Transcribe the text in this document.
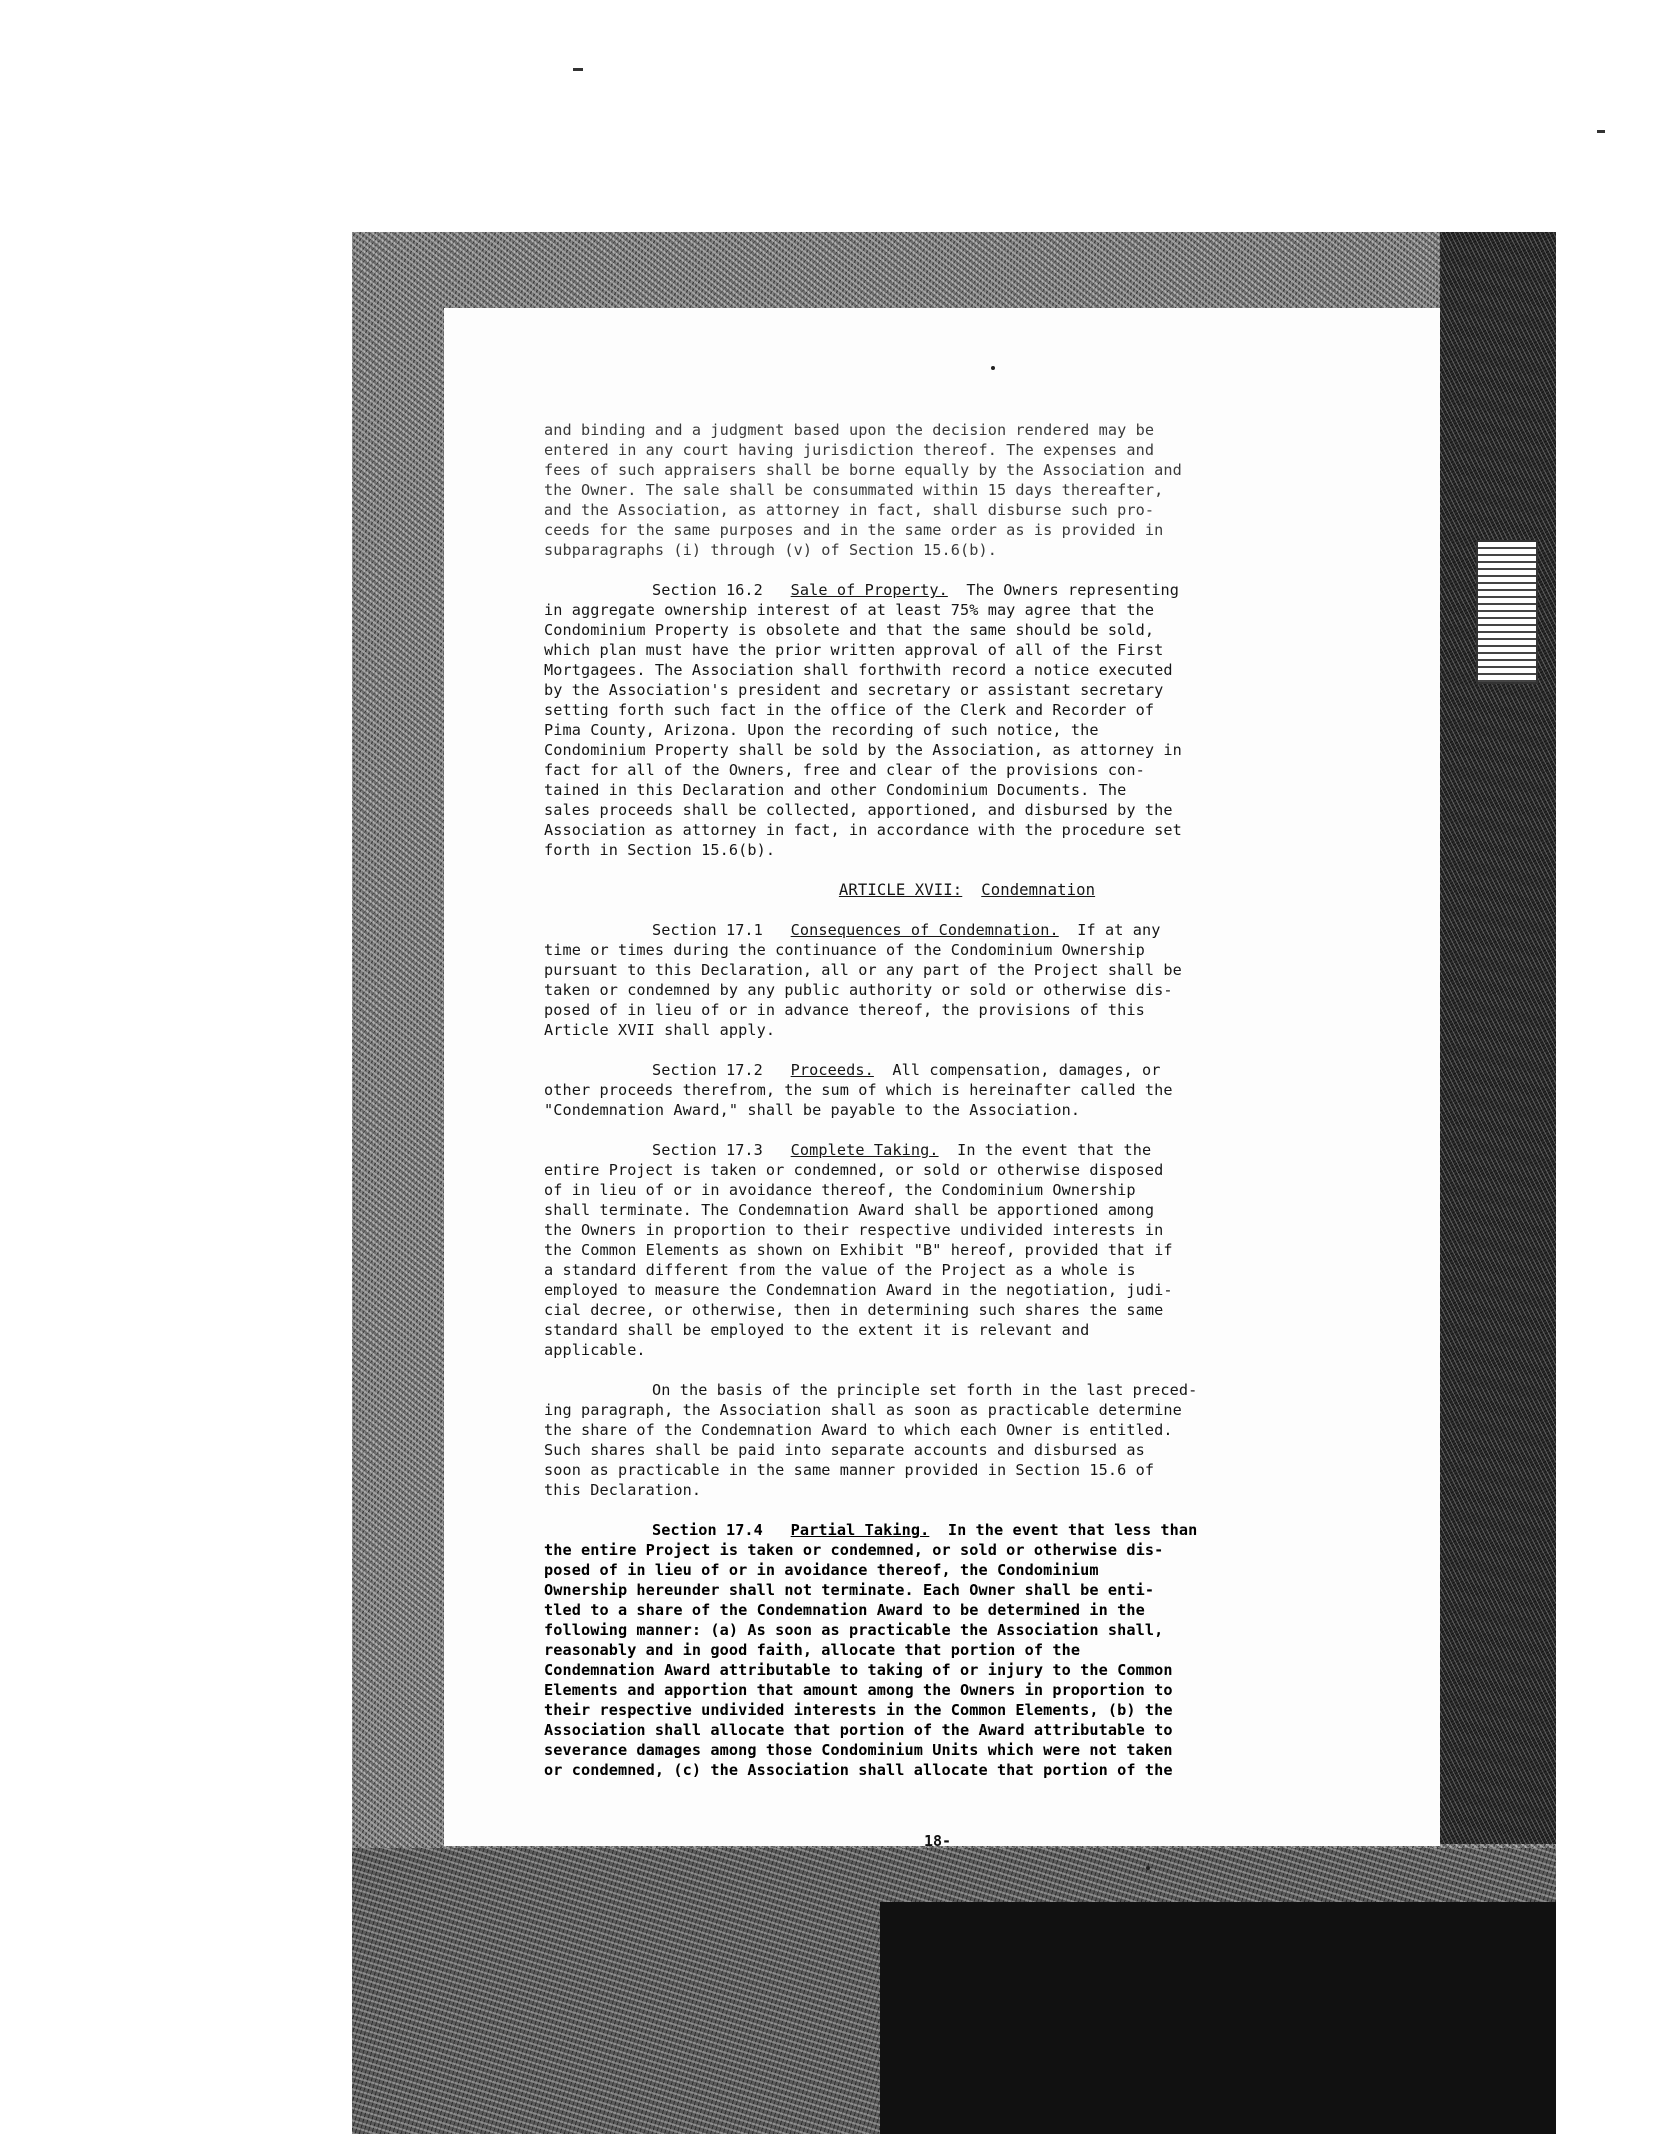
and binding and a judgment based upon the decision rendered may be
entered in any court having jurisdiction thereof. The expenses and
fees of such appraisers shall be borne equally by the Association and
the Owner. The sale shall be consummated within 15 days thereafter,
and the Association, as attorney in fact, shall disburse such pro-
ceeds for the same purposes and in the same order as is provided in
subparagraphs (i) through (v) of Section 15.6(b).
Section 16.2 Sale of Property. The Owners representing
in aggregate ownership interest of at least 75% may agree that the
Condominium Property is obsolete and that the same should be sold,
which plan must have the prior written approval of all of the First
Mortgagees. The Association shall forthwith record a notice executed
by the Association's president and secretary or assistant secretary
setting forth such fact in the office of the Clerk and Recorder of
Pima County, Arizona. Upon the recording of such notice, the
Condominium Property shall be sold by the Association, as attorney in
fact for all of the Owners, free and clear of the provisions con-
tained in this Declaration and other Condominium Documents. The
sales proceeds shall be collected, apportioned, and disbursed by the
Association as attorney in fact, in accordance with the procedure set
forth in Section 15.6(b).
ARTICLE XVII: Condemnation
Section 17.1 Consequences of Condemnation. If at any
time or times during the continuance of the Condominium Ownership
pursuant to this Declaration, all or any part of the Project shall be
taken or condemned by any public authority or sold or otherwise dis-
posed of in lieu of or in advance thereof, the provisions of this
Article XVII shall apply.
Section 17.2 Proceeds. All compensation, damages, or
other proceeds therefrom, the sum of which is hereinafter called the
"Condemnation Award," shall be payable to the Association.
Section 17.3 Complete Taking. In the event that the
entire Project is taken or condemned, or sold or otherwise disposed
of in lieu of or in avoidance thereof, the Condominium Ownership
shall terminate. The Condemnation Award shall be apportioned among
the Owners in proportion to their respective undivided interests in
the Common Elements as shown on Exhibit "B" hereof, provided that if
a standard different from the value of the Project as a whole is
employed to measure the Condemnation Award in the negotiation, judi-
cial decree, or otherwise, then in determining such shares the same
standard shall be employed to the extent it is relevant and
applicable.
On the basis of the principle set forth in the last preced-
ing paragraph, the Association shall as soon as practicable determine
the share of the Condemnation Award to which each Owner is entitled.
Such shares shall be paid into separate accounts and disbursed as
soon as practicable in the same manner provided in Section 15.6 of
this Declaration.
Section 17.4 Partial Taking. In the event that less than
the entire Project is taken or condemned, or sold or otherwise dis-
posed of in lieu of or in avoidance thereof, the Condominium
Ownership hereunder shall not terminate. Each Owner shall be enti-
tled to a share of the Condemnation Award to be determined in the
following manner: (a) As soon as practicable the Association shall,
reasonably and in good faith, allocate that portion of the
Condemnation Award attributable to taking of or injury to the Common
Elements and apportion that amount among the Owners in proportion to
their respective undivided interests in the Common Elements, (b) the
Association shall allocate that portion of the Award attributable to
severance damages among those Condominium Units which were not taken
or condemned, (c) the Association shall allocate that portion of the
18-
